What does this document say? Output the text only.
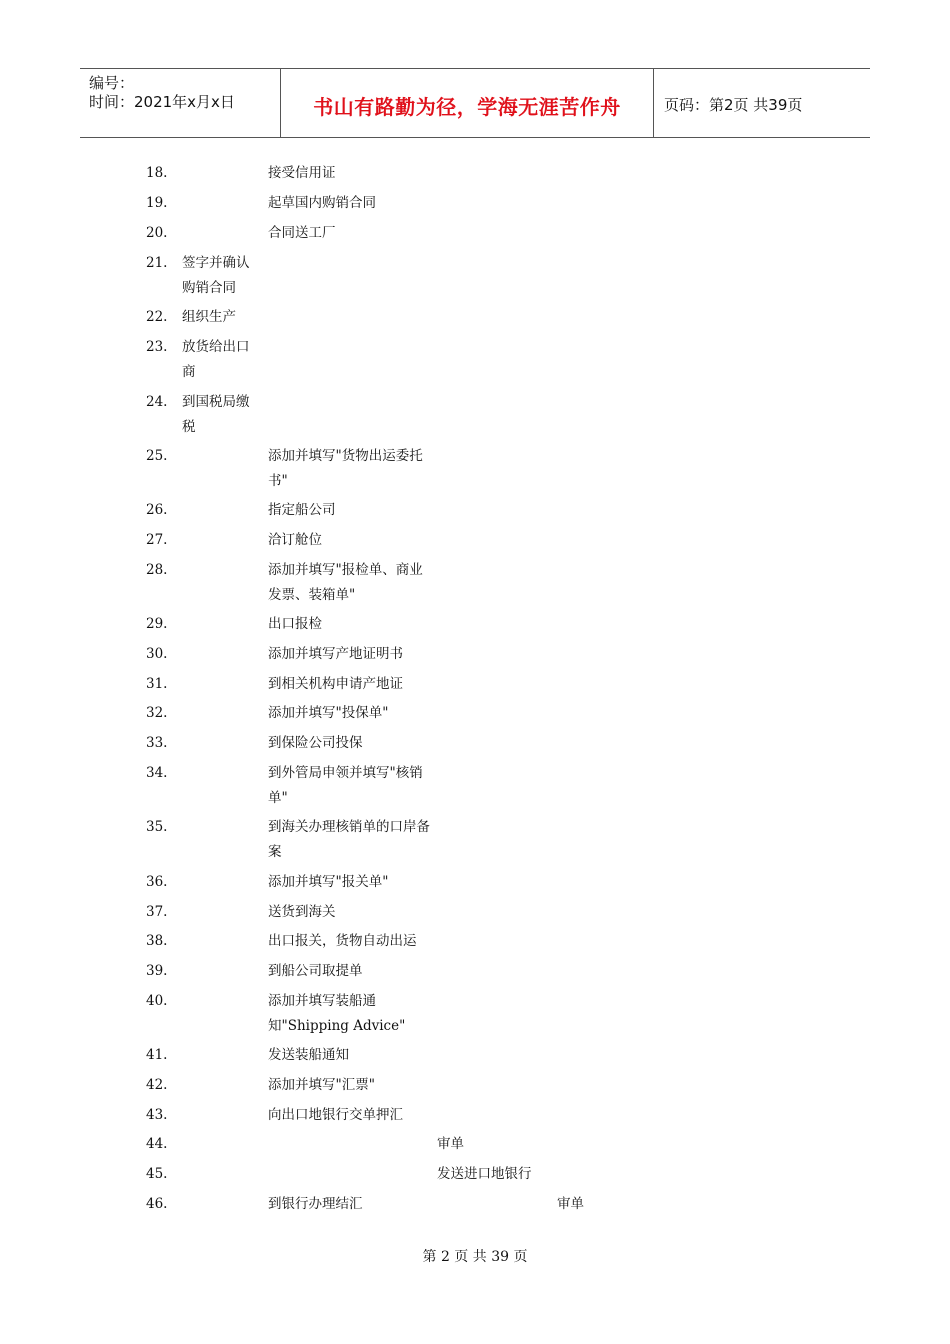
编号：
时间：2021年x月x日	书山有路勤为径，学海无涯苦作舟	页码：第2页 共39页
18.	接受信用证
19.	起草国内购销合同
20.	合同送工厂
21. 签字并确认购销合同
22. 组织生产
23. 放货给出口商
24. 到国税局缴税
25.	添加并填写"货物出运委托书"
26.	指定船公司
27.	洽订舱位
28.	添加并填写"报检单、商业发票、装箱单"
29.	出口报检
30.	添加并填写产地证明书
31.	到相关机构申请产地证
32.	添加并填写"投保单"
33.	到保险公司投保
34.	到外管局申领并填写"核销单"
35.	到海关办理核销单的口岸备案
36.	添加并填写"报关单"
37.	送货到海关
38.	出口报关，货物自动出运
39.	到船公司取提单
40.	添加并填写装船通知"Shipping Advice"
41.	发送装船通知
42.	添加并填写"汇票"
43.	向出口地银行交单押汇
44.	审单
45.	发送进口地银行
46.	到银行办理结汇	审单
第 2 页 共 39 页
